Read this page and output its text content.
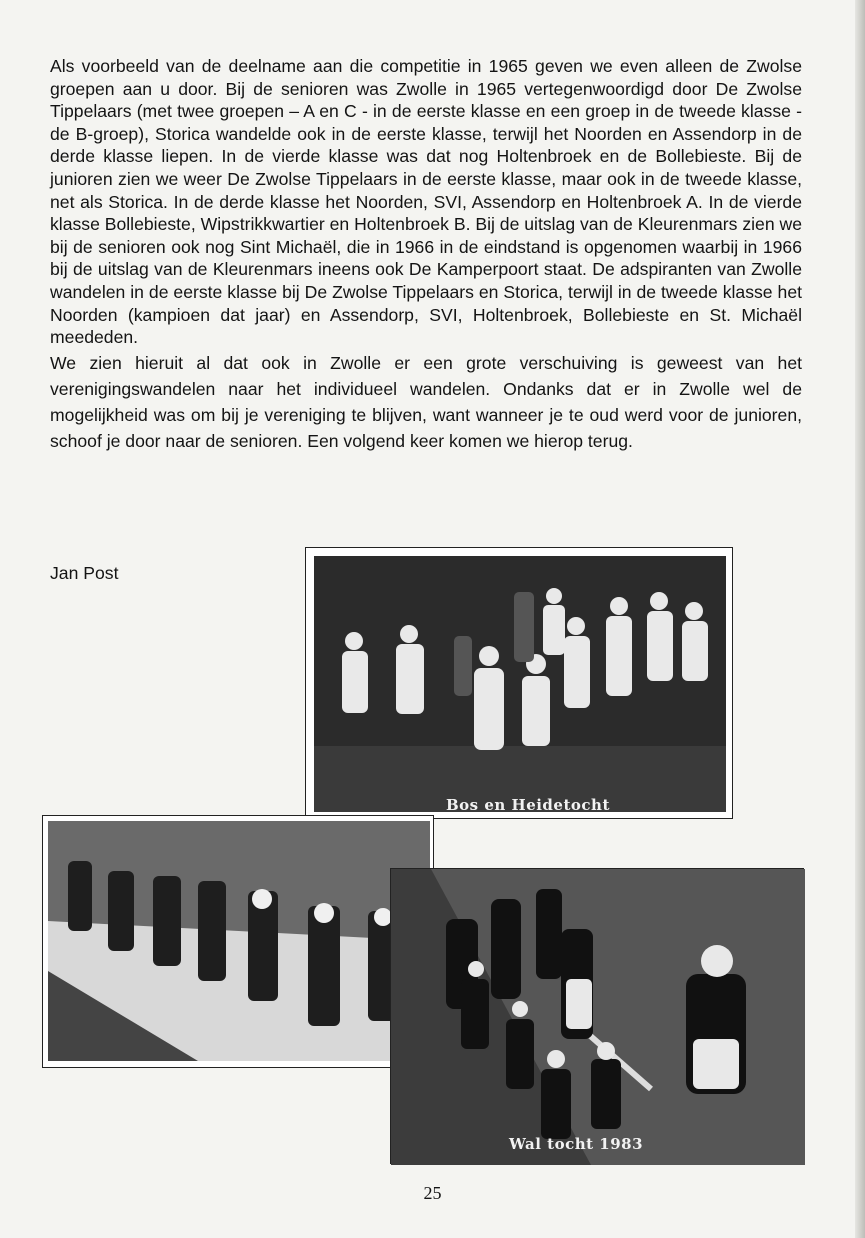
Als voorbeeld van de deelname aan die competitie in 1965 geven we even alleen de Zwolse groepen aan u door. Bij de senioren was Zwolle in 1965 vertegenwoordigd door De Zwolse Tippelaars (met twee groepen – A en C - in de eerste klasse en een groep in de tweede klasse -de B-groep), Storica wandelde ook in de eerste klasse, terwijl het Noorden en Assendorp in de derde klasse liepen. In de vierde klasse was dat nog Holtenbroek en de Bollebieste. Bij de junioren zien we weer De Zwolse Tippelaars in de eerste klasse, maar ook in de tweede klasse, net als Storica. In de derde klasse het Noorden, SVI, Assendorp en Holtenbroek A. In de vierde klasse Bollebieste, Wipstrikkwartier en Holtenbroek B. Bij de uitslag van de Kleurenmars zien we bij de senioren ook nog Sint Michaël, die in 1966 in de eindstand is opgenomen waarbij in 1966 bij de uitslag van de Kleurenmars ineens ook De Kamperpoort staat. De adspiranten van Zwolle wandelen in de eerste klasse bij De Zwolse Tippelaars en Storica, terwijl in de tweede klasse het Noorden (kampioen dat jaar) en Assendorp, SVI, Holtenbroek, Bollebieste en St. Michaël meededen.

We zien hieruit al dat ook in Zwolle er een grote verschuiving is geweest van het verenigingswandelen naar het individueel wandelen. Ondanks dat er in Zwolle wel de mogelijkheid was om bij je vereniging te blijven, want wanneer je te oud werd voor de junioren, schoof je door naar de senioren. Een volgend keer komen we hierop terug.

Jan Post
Bos en Heidetocht
Wal tocht 1983
25
